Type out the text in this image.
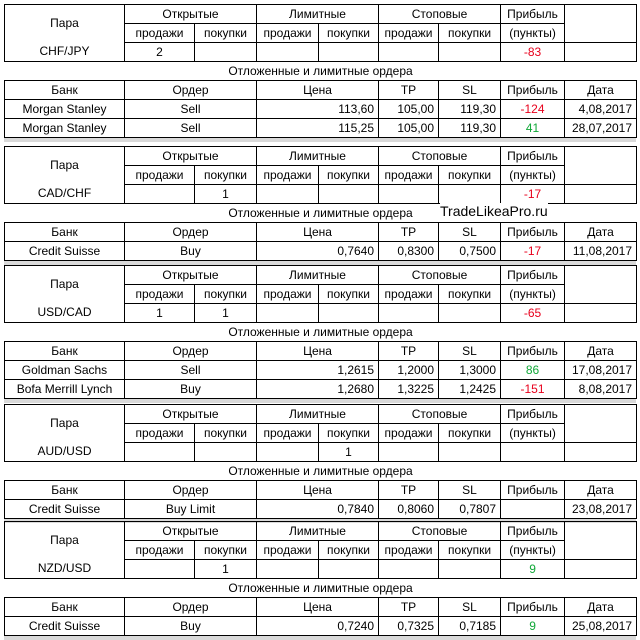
Пара	Открытые		Лимитные		Стоповые		Прибыль	
	продажи	покупки	продажи	покупки	продажи	покупки	(пункты)	
CHF/JPY	2						-83	
Отложенные и лимитные ордера								
Банк	Ордер		Цена		TP	SL	Прибыль	Дата
Morgan Stanley	Sell		113,60		105,00	119,30	-124	4,08,2017
Morgan Stanley	Sell		115,25		105,00	119,30	41	28,07,2017
Пара	Открытые		Лимитные		Стоповые		Прибыль	
	продажи	покупки	продажи	покупки	продажи	покупки	(пункты)	
CAD/CHF		1					-17	
Отложенные и лимитные ордера								
Банк	Ордер		Цена		TP	SL	Прибыль	Дата
Credit Suisse	Buy		0,7640		0,8300	0,7500	-17	11,08,2017
Пара	Открытые		Лимитные		Стоповые		Прибыль	
	продажи	покупки	продажи	покупки	продажи	покупки	(пункты)	
USD/CAD	1	1					-65	
Отложенные и лимитные ордера								
Банк	Ордер		Цена		TP	SL	Прибыль	Дата
Goldman Sachs	Sell		1,2615		1,2000	1,3000	86	17,08,2017
Bofa Merrill Lynch	Buy		1,2680		1,3225	1,2425	-151	8,08,2017
Пара	Открытые		Лимитные		Стоповые		Прибыль	
	продажи	покупки	продажи	покупки	продажи	покупки	(пункты)	
AUD/USD				1				
Отложенные и лимитные ордера								
Банк	Ордер		Цена		TP	SL	Прибыль	Дата
Credit Suisse	Buy Limit		0,7840		0,8060	0,7807		23,08,2017
Пара	Открытые		Лимитные		Стоповые		Прибыль	
	продажи	покупки	продажи	покупки	продажи	покупки	(пункты)	
NZD/USD		1					9	
Отложенные и лимитные ордера								
Банк	Ордер		Цена		TP	SL	Прибыль	Дата
Credit Suisse	Buy		0,7240		0,7325	0,7185	9	25,08,2017
TradeLikeaPro.ru
